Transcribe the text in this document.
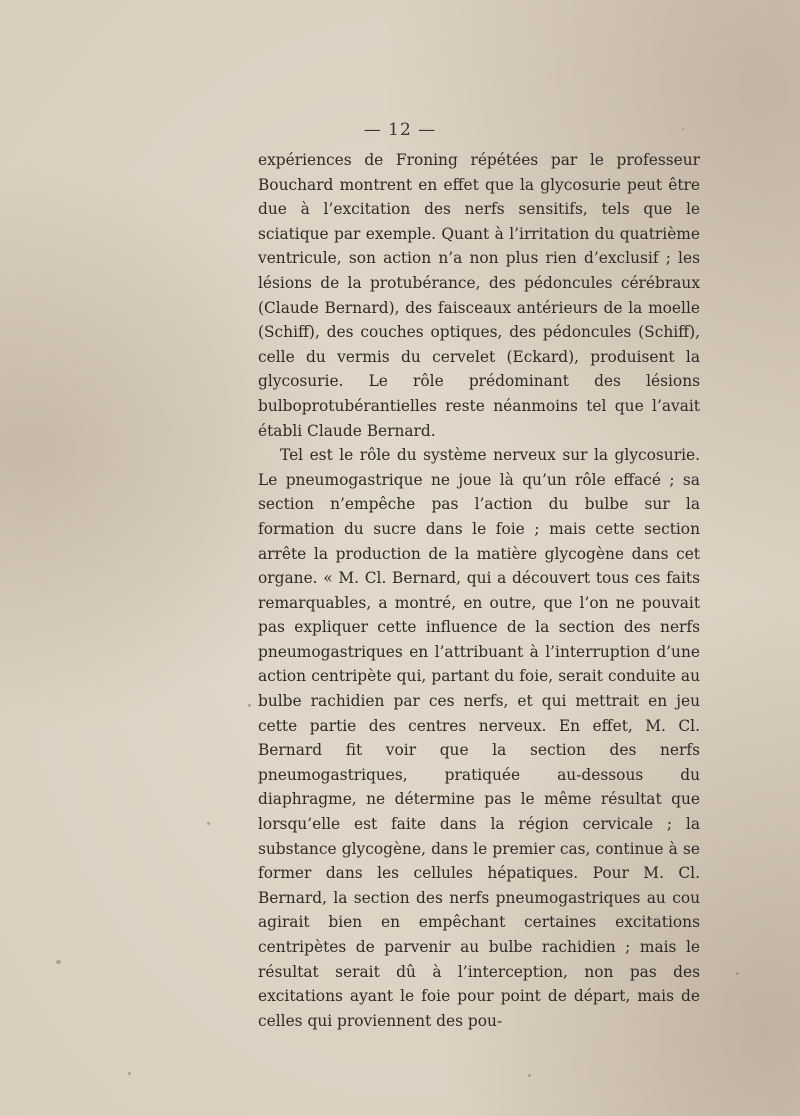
— 12 —

expériences de Froning répétées par le professeur Bouchard montrent en effet que la glycosurie peut être due à l’excitation des nerfs sensitifs, tels que le sciatique par exemple. Quant à l’irritation du quatrième ventricule, son action n’a non plus rien d’exclusif ; les lésions de la protubérance, des pédoncules cérébraux (Claude Bernard), des faisceaux antérieurs de la moelle (Schiff), des couches optiques, des pédoncules (Schiff), celle du vermis du cervelet (Eckard), produisent la glycosurie. Le rôle prédominant des lésions bulboprotubérantielles reste néanmoins tel que l’avait établi Claude Bernard.

Tel est le rôle du système nerveux sur la glycosurie. Le pneumogastrique ne joue là qu’un rôle effacé ; sa section n’empêche pas l’action du bulbe sur la formation du sucre dans le foie ; mais cette section arrête la production de la matière glycogène dans cet organe. « M. Cl. Bernard, qui a découvert tous ces faits remarquables, a montré, en outre, que l’on ne pouvait pas expliquer cette influence de la section des nerfs pneumogastriques en l’attribuant à l’interruption d’une action centripète qui, partant du foie, serait conduite au bulbe rachidien par ces nerfs, et qui mettrait en jeu cette partie des centres nerveux. En effet, M. Cl. Bernard fit voir que la section des nerfs pneumogastriques, pratiquée au-dessous du diaphragme, ne détermine pas le même résultat que lorsqu’elle est faite dans la région cervicale ; la substance glycogène, dans le premier cas, continue à se former dans les cellules hépatiques. Pour M. Cl. Bernard, la section des nerfs pneumogastriques au cou agirait bien en empêchant certaines excitations centripètes de parvenir au bulbe rachidien ; mais le résultat serait dû à l’interception, non pas des excitations ayant le foie pour point de départ, mais de celles qui proviennent des pou-
